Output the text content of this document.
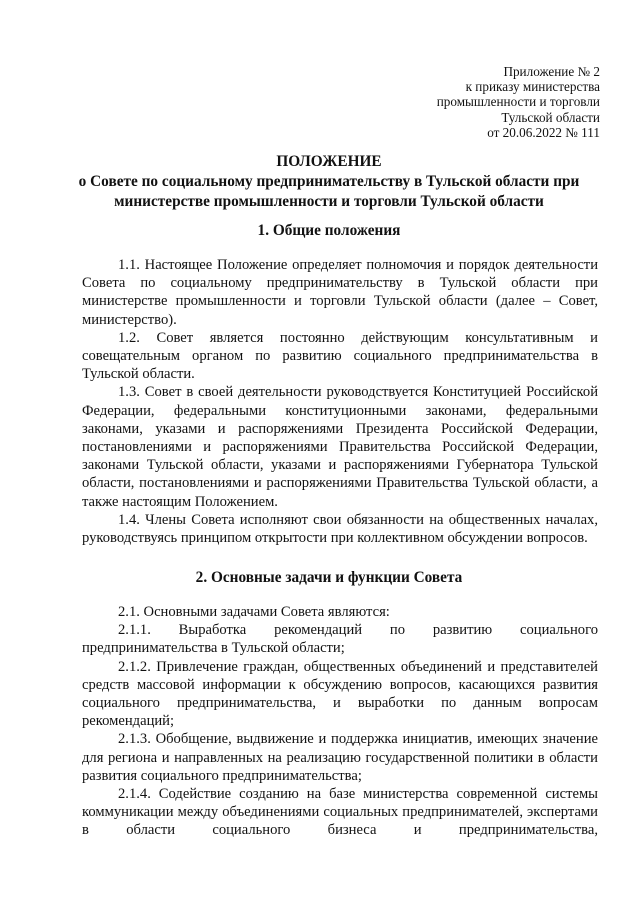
Приложение № 2
к приказу министерства
промышленности и торговли
Тульской области
от 20.06.2022 № 111
ПОЛОЖЕНИЕ
о Совете по социальному предпринимательству в Тульской области при
министерстве промышленности и торговли Тульской области
1. Общие положения

1.1. Настоящее Положение определяет полномочия и порядок деятельности Совета по социальному предпринимательству в Тульской области при министерстве промышленности и торговли Тульской области (далее – Совет, министерство).

1.2. Совет является постоянно действующим консультативным и совещательным органом по развитию социального предпринимательства в Тульской области.

1.3. Совет в своей деятельности руководствуется Конституцией Российской Федерации, федеральными конституционными законами, федеральными законами, указами и распоряжениями Президента Российской Федерации, постановлениями и распоряжениями Правительства Российской Федерации, законами Тульской области, указами и распоряжениями Губернатора Тульской области, постановлениями и распоряжениями Правительства Тульской области, а также настоящим Положением.

1.4. Члены Совета исполняют свои обязанности на общественных началах, руководствуясь принципом открытости при коллективном обсуждении вопросов.

2. Основные задачи и функции Совета

2.1. Основными задачами Совета являются:

2.1.1. Выработка рекомендаций по развитию социального предпринимательства в Тульской области;

2.1.2. Привлечение граждан, общественных объединений и представителей средств массовой информации к обсуждению вопросов, касающихся развития социального предпринимательства, и выработки по данным вопросам рекомендаций;

2.1.3. Обобщение, выдвижение и поддержка инициатив, имеющих значение для региона и направленных на реализацию государственной политики в области развития социального предпринимательства;

2.1.4. Содействие созданию на базе министерства современной системы коммуникации между объединениями социальных предпринимателей, экспертами в области социального бизнеса и предпринимательства,
